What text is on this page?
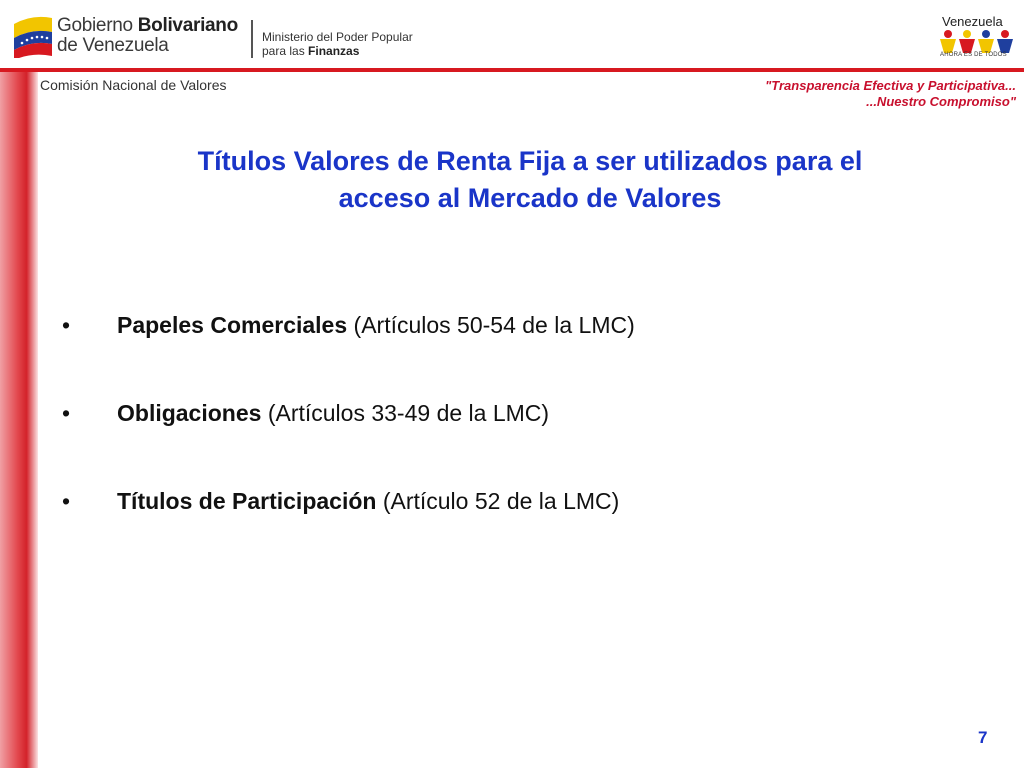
Gobierno Bolivariano
de Venezuela	Ministerio del Poder Popular
para las Finanzas
Venezuela
AHORA ES DE TODOS
Comisión Nacional de Valores	"Transparencia Efectiva y Participativa...
...Nuestro Compromiso"
Títulos Valores de Renta Fija a ser utilizados para el
acceso al Mercado de Valores
•	Papeles Comerciales (Artículos 50-54 de la LMC)
•	Obligaciones (Artículos 33-49 de la LMC)
•	Títulos de Participación (Artículo 52 de la LMC)
7
